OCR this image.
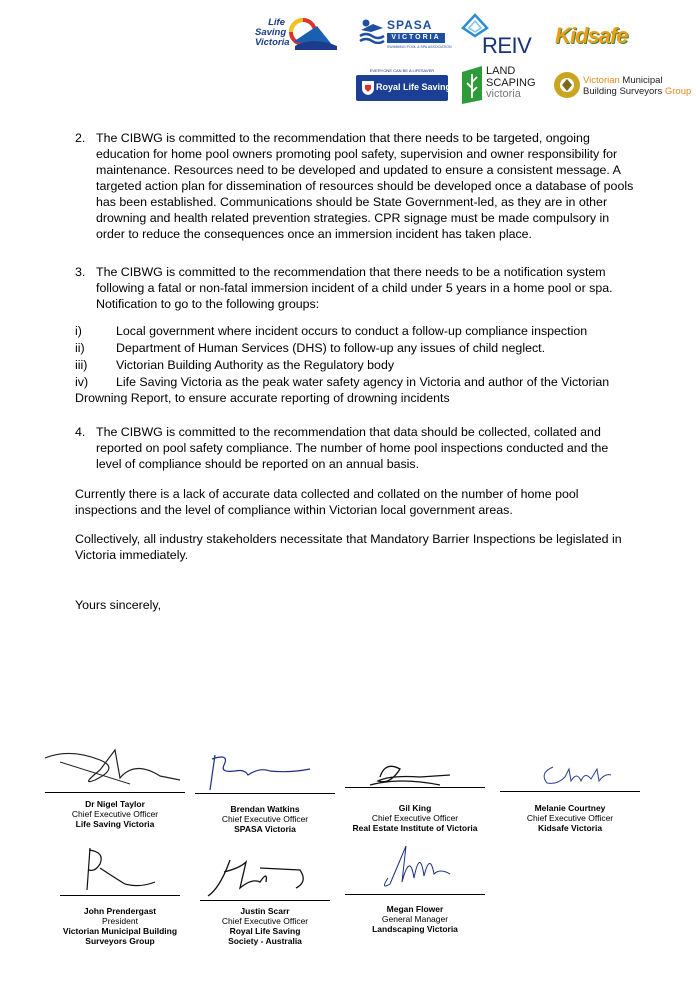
Life
Saving
Victoria
SPASA
VICTORIA
SWIMMING POOL & SPA ASSOCIATION REIV Kidsafe
EVERYONE CAN BE A LIFESAVER
Royal Life Saving
LAND
SCAPING
victoria
Victorian Municipal
Building Surveyors Group
2. The CIBWG is committed to the recommendation that there needs to be targeted, ongoing education for home pool owners promoting pool safety, supervision and owner responsibility for maintenance. Resources need to be developed and updated to ensure a consistent message. A targeted action plan for dissemination of resources should be developed once a database of pools has been established. Communications should be State Government-led, as they are in other drowning and health related prevention strategies. CPR signage must be made compulsory in order to reduce the consequences once an immersion incident has taken place.
3. The CIBWG is committed to the recommendation that there needs to be a notification system following a fatal or non-fatal immersion incident of a child under 5 years in a home pool or spa. Notification to go to the following groups:
i)	Local government where incident occurs to conduct a follow-up compliance inspection
ii)	Department of Human Services (DHS) to follow-up any issues of child neglect.
iii) Victorian Building Authority as the Regulatory body
iv)	Life Saving Victoria as the peak water safety agency in Victoria and author of the Victorian Drowning Report, to ensure accurate reporting of drowning incidents
4. The CIBWG is committed to the recommendation that data should be collected, collated and reported on pool safety compliance. The number of home pool inspections conducted and the level of compliance should be reported on an annual basis.
Currently there is a lack of accurate data collected and collated on the number of home pool inspections and the level of compliance within Victorian local government areas.
Collectively, all industry stakeholders necessitate that Mandatory Barrier Inspections be legislated in Victoria immediately.
Yours sincerely,
Dr Nigel Taylor
Chief Executive Officer
Life Saving Victoria
Brendan Watkins
Chief Executive Officer
SPASA Victoria
Gil King
Chief Executive Officer
Real Estate Institute of Victoria
Melanie Courtney
Chief Executive Officer
Kidsafe Victoria
John Prendergast
President
Victorian Municipal Building
Surveyors Group
Justin Scarr
Chief Executive Officer
Royal Life Saving
Society - Australia
Megan Flower
General Manager
Landscaping Victoria
